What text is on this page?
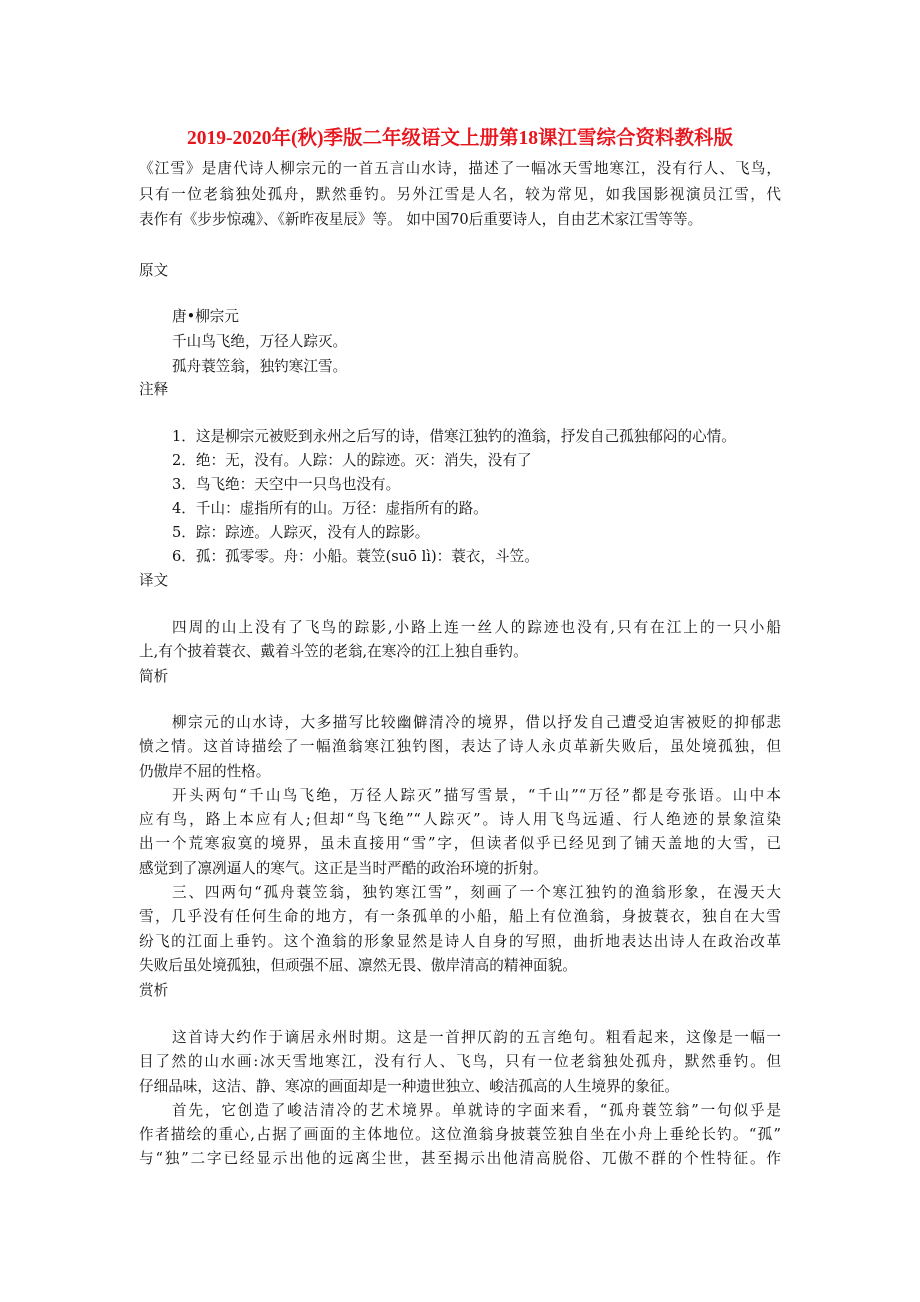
2019-2020年(秋)季版二年级语文上册第18课江雪综合资料教科版
《江雪》是唐代诗人柳宗元的一首五言山水诗，描述了一幅冰天雪地寒江，没有行人、飞鸟，
只有一位老翁独处孤舟，默然垂钓。另外江雪是人名，较为常见，如我国影视演员江雪，代
表作有《步步惊魂》、《新昨夜星辰》等。 如中国70后重要诗人，自由艺术家江雪等等。
原文
唐•柳宗元
千山鸟飞绝，万径人踪灭。
孤舟蓑笠翁，独钓寒江雪。
注释
1．这是柳宗元被贬到永州之后写的诗，借寒江独钓的渔翁，抒发自己孤独郁闷的心情。
2．绝：无，没有。人踪：人的踪迹。灭：消失，没有了
3．鸟飞绝：天空中一只鸟也没有。
4．千山：虚指所有的山。万径：虚指所有的路。
5．踪：踪迹。人踪灭，没有人的踪影。
6．孤：孤零零。舟：小船。蓑笠(suō lì)：蓑衣，斗笠。
译文
四周的山上没有了飞鸟的踪影,小路上连一丝人的踪迹也没有,只有在江上的一只小船
上,有个披着蓑衣、戴着斗笠的老翁,在寒冷的江上独自垂钓。
简析
柳宗元的山水诗，大多描写比较幽僻清冷的境界，借以抒发自己遭受迫害被贬的抑郁悲
愤之情。这首诗描绘了一幅渔翁寒江独钓图，表达了诗人永贞革新失败后，虽处境孤独，但
仍傲岸不屈的性格。
开头两句“千山鸟飞绝，万径人踪灭”描写雪景，“千山”“万径”都是夸张语。山中本
应有鸟，路上本应有人;但却“鸟飞绝”“人踪灭”。诗人用飞鸟远遁、行人绝迹的景象渲染
出一个荒寒寂寞的境界，虽未直接用“雪”字，但读者似乎已经见到了铺天盖地的大雪，已
感觉到了凛冽逼人的寒气。这正是当时严酷的政治环境的折射。
三、四两句“孤舟蓑笠翁，独钓寒江雪”，刻画了一个寒江独钓的渔翁形象，在漫天大
雪，几乎没有任何生命的地方，有一条孤单的小船，船上有位渔翁，身披蓑衣，独自在大雪
纷飞的江面上垂钓。这个渔翁的形象显然是诗人自身的写照，曲折地表达出诗人在政治改革
失败后虽处境孤独，但顽强不屈、凛然无畏、傲岸清高的精神面貌。
赏析
这首诗大约作于谪居永州时期。这是一首押仄韵的五言绝句。粗看起来，这像是一幅一
目了然的山水画:冰天雪地寒江，没有行人、飞鸟，只有一位老翁独处孤舟，默然垂钓。但
仔细品味，这洁、静、寒凉的画面却是一种遗世独立、峻洁孤高的人生境界的象征。
首先，它创造了峻洁清冷的艺术境界。单就诗的字面来看，“孤舟蓑笠翁”一句似乎是
作者描绘的重心,占据了画面的主体地位。这位渔翁身披蓑笠独自坐在小舟上垂纶长钓。“孤”
与“独”二字已经显示出他的远离尘世，甚至揭示出他清高脱俗、兀傲不群的个性特征。作
